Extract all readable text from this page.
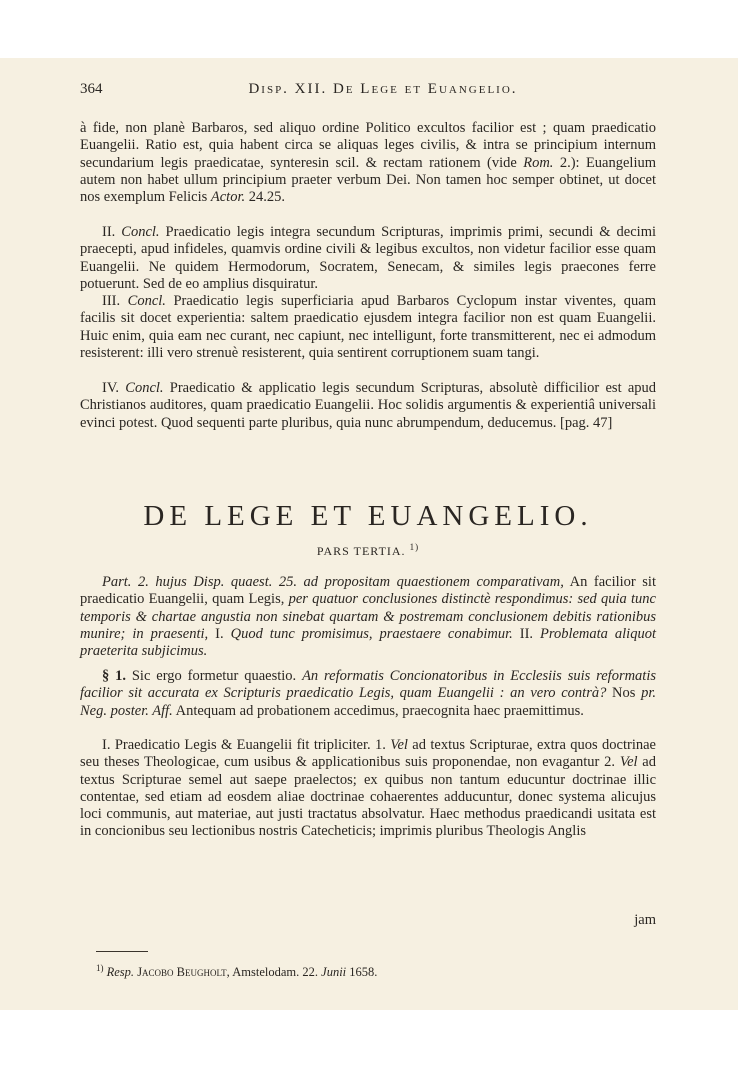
364	Disp. XII. De Lege et Euangelio.

à fide, non planè Barbaros, sed aliquo ordine Politico excultos facilior est ; quam praedicatio Euangelii. Ratio est, quia habent circa se aliquas leges civilis, & intra se principium internum secundarium legis praedicatae, synteresin scil. & rectam rationem (vide Rom. 2.): Euangelium autem non habet ullum principium praeter verbum Dei. Non tamen hoc semper obtinet, ut docet nos exemplum Felicis Actor. 24.25.

II. Concl. Praedicatio legis integra secundum Scripturas, imprimis primi, secundi & decimi praecepti, apud infideles, quamvis ordine civili & legibus excultos, non videtur facilior esse quam Euangelii. Ne quidem Hermodorum, Socratem, Senecam, & similes legis praecones ferre potuerunt. Sed de eo amplius disquiratur.

III. Concl. Praedicatio legis superficiaria apud Barbaros Cyclopum instar viventes, quam facilis sit docet experientia: saltem praedicatio ejusdem integra facilior non est quam Euangelii. Huic enim, quia eam nec curant, nec capiunt, nec intelligunt, forte transmitterent, nec ei admodum resisterent: illi vero strenuè resisterent, quia sentirent corruptionem suam tangi.

IV. Concl. Praedicatio & applicatio legis secundum Scripturas, absolutè difficilior est apud Christianos auditores, quam praedicatio Euangelii. Hoc solidis argumentis & experientiâ universali evinci potest. Quod sequenti parte pluribus, quia nunc abrumpendum, deducemus. [pag. 47]

DE LEGE ET EUANGELIO.
PARS TERTIA. $^{1)}$

Part. 2. hujus Disp. quaest. 25. ad propositam quaestionem comparativam, An facilior sit praedicatio Euangelii, quam Legis, per quatuor conclusiones distinctè respondimus: sed quia tunc temporis & chartae angustia non sinebat quartam & postremam conclusionem debitis rationibus munire; in praesenti, I. Quod tunc promisimus, praestaere conabimur. II. Problemata aliquot praeterita subjicimus.

§ 1. Sic ergo formetur quaestio. An reformatis Concionatoribus in Ecclesiis suis reformatis facilior sit accurata ex Scripturis praedicatio Legis, quam Euangelii : an vero contrà? Nos pr. Neg. poster. Aff. Antequam ad probationem accedimus, praecognita haec praemittimus.

I. Praedicatio Legis & Euangelii fit tripliciter. 1. Vel ad textus Scripturae, extra quos doctrinae seu theses Theologicae, cum usibus & applicationibus suis proponendae, non evagantur 2. Vel ad textus Scripturae semel aut saepe praelectos; ex quibus non tantum educuntur doctrinae illic contentae, sed etiam ad eosdem aliae doctrinae cohaerentes adducuntur, donec systema alicujus loci communis, aut materiae, aut justi tractatus absolvatur. Haec methodus praedicandi usitata est in concionibus seu lectionibus nostris Catecheticis; imprimis pluribus Theologis Anglis

jam

$^{1)}$ Resp. Jacobo Beugholt, Amstelodam. 22. Junii 1658.
